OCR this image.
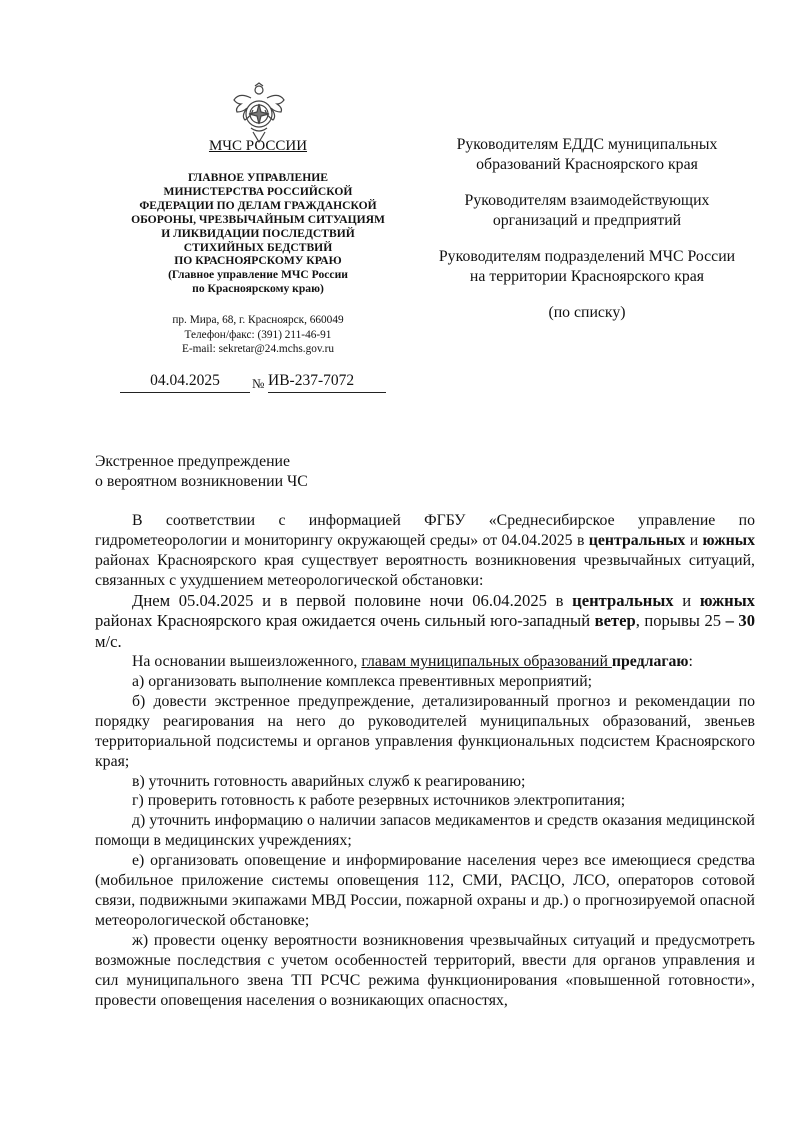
МЧС РОССИИ
ГЛАВНОЕ УПРАВЛЕНИЕ
МИНИСТЕРСТВА РОССИЙСКОЙ
ФЕДЕРАЦИИ ПО ДЕЛАМ ГРАЖДАНСКОЙ
ОБОРОНЫ, ЧРЕЗВЫЧАЙНЫМ СИТУАЦИЯМ
И ЛИКВИДАЦИИ ПОСЛЕДСТВИЙ
СТИХИЙНЫХ БЕДСТВИЙ
ПО КРАСНОЯРСКОМУ КРАЮ
(Главное управление МЧС России
по Красноярскому краю)
пр. Мира, 68, г. Красноярск, 660049
Телефон/факс: (391) 211-46-91
E-mail: sekretar@24.mchs.gov.ru
04.04.2025	№ ИВ-237-7072
Руководителям ЕДДС муниципальных
образований Красноярского края
Руководителям взаимодействующих
организаций и предприятий
Руководителям подразделений МЧС России
на территории Красноярского края
(по списку)
Экстренное предупреждение
о вероятном возникновении ЧС

В соответствии с информацией ФГБУ «Среднесибирское управление по гидрометеорологии и мониторингу окружающей среды» от 04.04.2025 в центральных и южных районах Красноярского края существует вероятность возникновения чрезвычайных ситуаций, связанных с ухудшением метеорологической обстановки:

Днем 05.04.2025 и в первой половине ночи 06.04.2025 в центральных и южных районах Красноярского края ожидается очень сильный юго-западный ветер, порывы 25 – 30 м/с.

На основании вышеизложенного, главам муниципальных образований предлагаю:

а) организовать выполнение комплекса превентивных мероприятий;

б) довести экстренное предупреждение, детализированный прогноз и рекомендации по порядку реагирования на него до руководителей муниципальных образований, звеньев территориальной подсистемы и органов управления функциональных подсистем Красноярского края;

в) уточнить готовность аварийных служб к реагированию;

г) проверить готовность к работе резервных источников электропитания;

д) уточнить информацию о наличии запасов медикаментов и средств оказания медицинской помощи в медицинских учреждениях;

е) организовать оповещение и информирование населения через все имеющиеся средства (мобильное приложение системы оповещения 112, СМИ, РАСЦО, ЛСО, операторов сотовой связи, подвижными экипажами МВД России, пожарной охраны и др.) о прогнозируемой опасной метеорологической обстановке;

ж) провести оценку вероятности возникновения чрезвычайных ситуаций и предусмотреть возможные последствия с учетом особенностей территорий, ввести для органов управления и сил муниципального звена ТП РСЧС режима функционирования «повышенной готовности», провести оповещения населения о возникающих опасностях,
